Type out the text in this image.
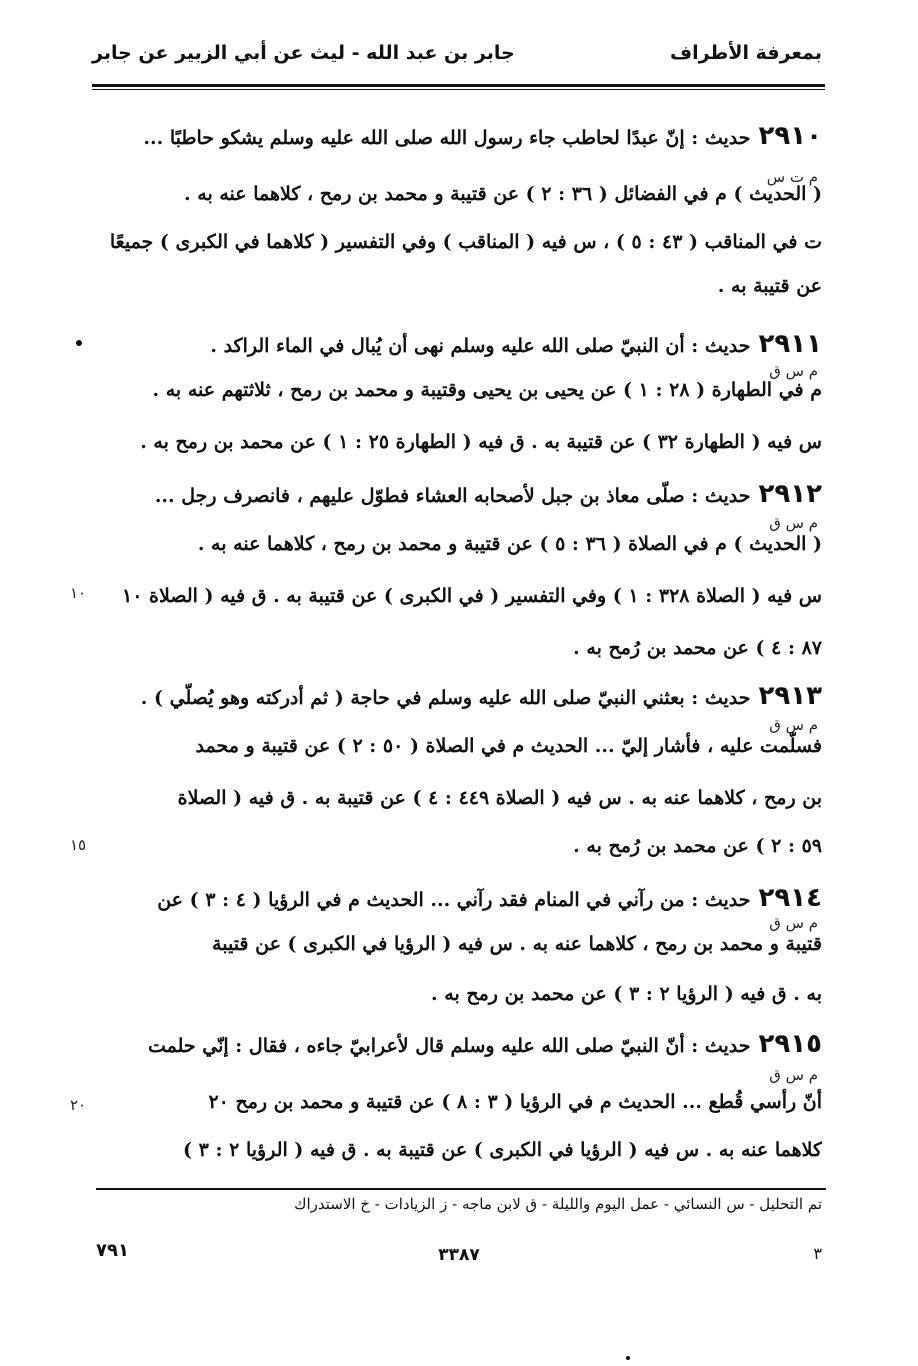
بمعرفة الأطراف
جابر بن عبد الله - ليث عن أبي الزبير عن جابر
٢٩١٠حديث : إنّ عبدًا لحاطب جاء رسول الله صلى الله عليه وسلم يشكو حاطبًا ...
م ت س
( الحديث ) م في الفضائل ( ٣٦ : ٢ ) عن قتيبة و محمد بن رمح ، كلاهما عنه به .
ت في المناقب ( ٤٣ : ٥ ) ، س فيه ( المناقب ) وفي التفسير ( كلاهما في الكبرى ) جميعًا
عن قتيبة به .
٢٩١١حديث : أن النبيّ صلى الله عليه وسلم نهى أن يُبال في الماء الراكد .
م س ق
م في الطهارة ( ٢٨ : ١ ) عن يحيى بن يحيى وقتيبة و محمد بن رمح ، ثلاثتهم عنه به .
س فيه ( الطهارة ٣٢ ) عن قتيبة به . ق فيه ( الطهارة ٢٥ : ١ ) عن محمد بن رمح به .
٢٩١٢حديث : صلّى معاذ بن جبل لأصحابه العشاء فطوّل عليهم ، فانصرف رجل ...
م س ق
( الحديث ) م في الصلاة ( ٣٦ : ٥ ) عن قتيبة و محمد بن رمح ، كلاهما عنه به .
س فيه ( الصلاة ٣٢٨ : ١ ) وفي التفسير ( في الكبرى ) عن قتيبة به . ق فيه ( الصلاة ١٠
٨٧ : ٤ ) عن محمد بن رُمح به .
١٠
٢٩١٣حديث : بعثني النبيّ صلى الله عليه وسلم في حاجة ( ثم أدركته وهو يُصلّي ) .
م س ق
فسلّمت عليه ، فأشار إليّ ... الحديث م في الصلاة ( ٥٠ : ٢ ) عن قتيبة و محمد
بن رمح ، كلاهما عنه به . س فيه ( الصلاة ٤٤٩ : ٤ ) عن قتيبة به . ق فيه ( الصلاة
٥٩ : ٢ ) عن محمد بن رُمح به .
١٥
٢٩١٤حديث : من رآني في المنام فقد رآني ... الحديث م في الرؤيا ( ٤ : ٣ ) عن
م س ق
قتيبة و محمد بن رمح ، كلاهما عنه به . س فيه ( الرؤيا في الكبرى ) عن قتيبة
به . ق فيه ( الرؤيا ٢ : ٣ ) عن محمد بن رمح به .
٢٩١٥حديث : أنّ النبيّ صلى الله عليه وسلم قال لأعرابيّ جاءه ، فقال : إنّي حلمت
م س ق
أنّ رأسي قُطع ... الحديث م في الرؤيا ( ٣ : ٨ ) عن قتيبة و محمد بن رمح ٢٠
كلاهما عنه به . س فيه ( الرؤيا في الكبرى ) عن قتيبة به . ق فيه ( الرؤيا ٢ : ٣ )
٢٠
تم التحليل - س النسائي - عمل اليوم والليلة - ق لابن ماجه - ز الزيادات - خ الاستدراك
٧٩١	٣٣٨٧	٣
